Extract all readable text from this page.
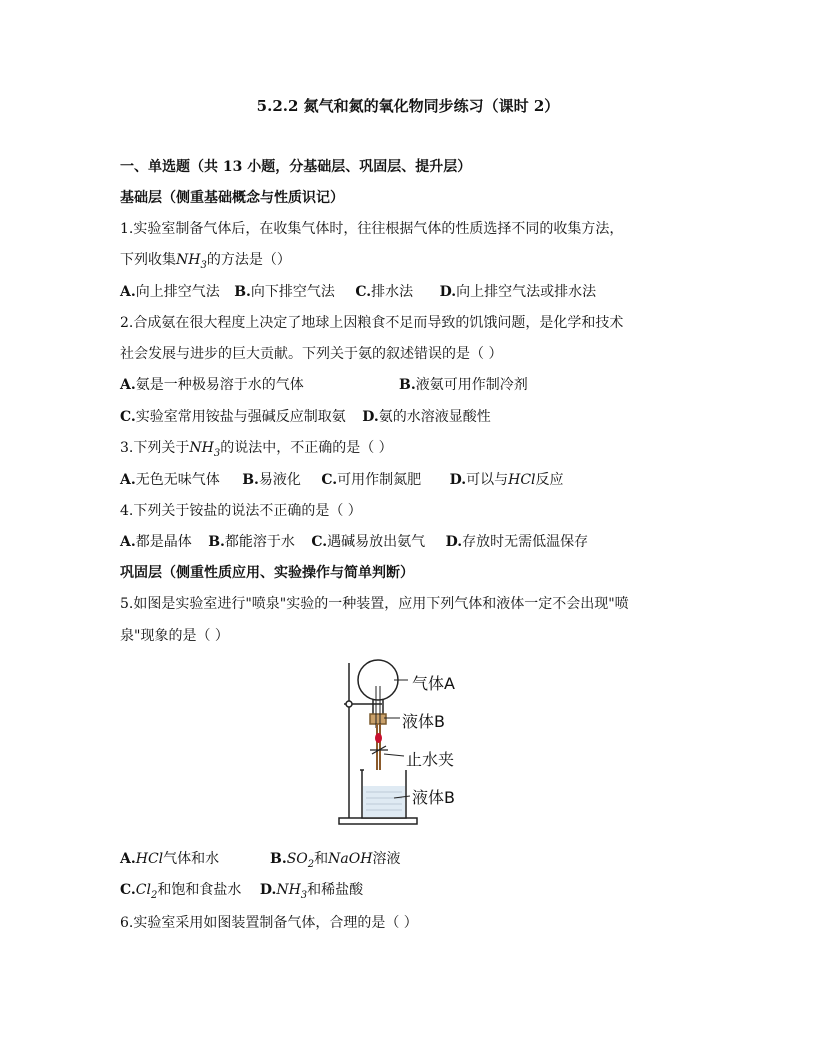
5.2.2 氮气和氮的氧化物同步练习（课时 2）
一、单选题（共 13 小题，分基础层、巩固层、提升层）
基础层（侧重基础概念与性质识记）
1.实验室制备气体后，在收集气体时，往往根据气体的性质选择不同的收集方法，
下列收集$NH_3$的方法是（）
A.向上排空气法 B.向下排空气法 C.排水法 D.向上排空气法或排水法
2.合成氨在很大程度上决定了地球上因粮食不足而导致的饥饿问题，是化学和技术
社会发展与进步的巨大贡献。下列关于氨的叙述错误的是（ ）
A.氨是一种极易溶于水的气体	B.液氨可用作制冷剂
C.实验室常用铵盐与强碱反应制取氨 D.氨的水溶液显酸性
3.下列关于$NH_3$的说法中，不正确的是（ ）
A.无色无味气体 B.易液化 C.可用作制氮肥 D.可以与HCl反应
4.下列关于铵盐的说法不正确的是（ ）
A.都是晶体 B.都能溶于水 C.遇碱易放出氨气 D.存放时无需低温保存
巩固层（侧重性质应用、实验操作与简单判断）
5.如图是实验室进行"喷泉"实验的一种装置，应用下列气体和液体一定不会出现"喷
泉"现象的是（ ）
气体A
液体B
止水夹
液体B
A.HCl气体和水	$B.SO_2$和NaOH溶液
$C.Cl_2$和饱和食盐水 $D.NH_3$和稀盐酸
6.实验室采用如图装置制备气体，合理的是（ ）
